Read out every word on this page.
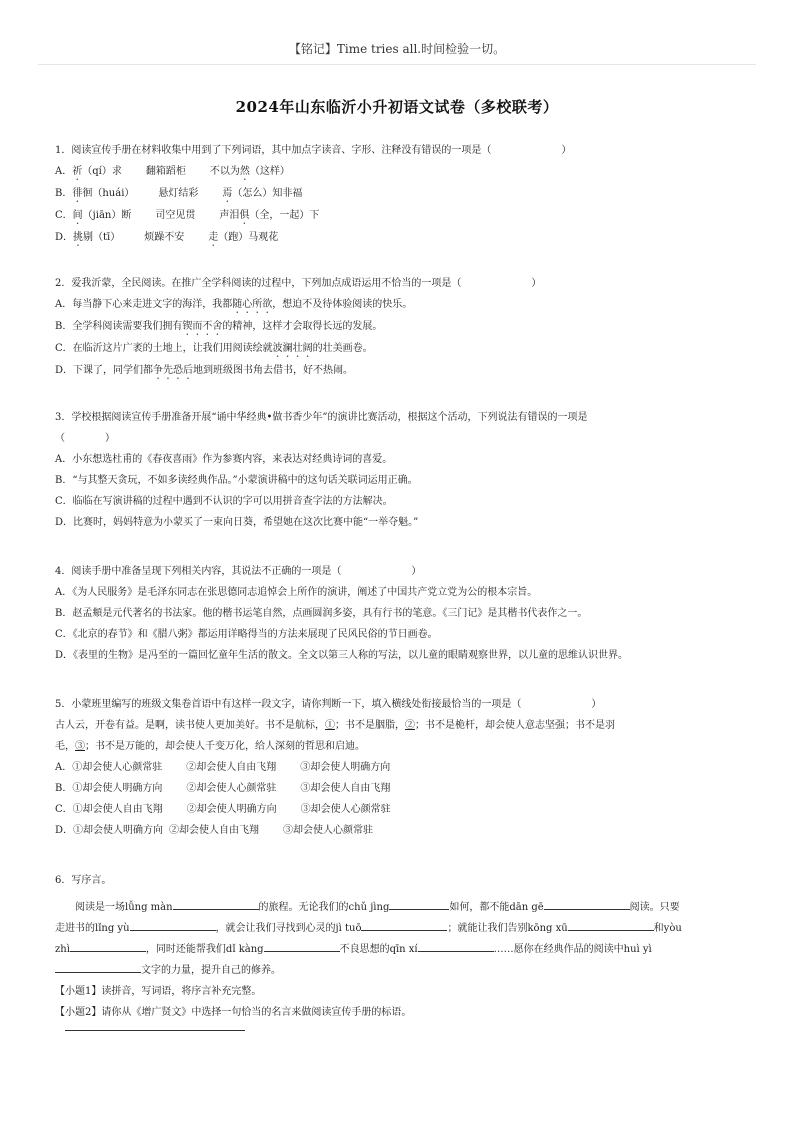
【铭记】Time tries all.时间检验一切。
2024年山东临沂小升初语文试卷（多校联考）
1．阅读宣传手册在材料收集中用到了下列词语，其中加点字读音、字形、注释没有错误的一项是（	）
A．祈（qí）求 翻箱蹈柜 不以为然（这样）
B．徘徊（huái） 悬灯结彩 焉（怎么）知非福
C．间（jiān）断 司空见贯 声泪俱（全，一起）下
D．挑剔（tī） 烦躁不安 走（跑）马观花
2．爱我沂蒙，全民阅读。在推广全学科阅读的过程中，下列加点成语运用不恰当的一项是（	）
A．每当静下心来走进文字的海洋，我都随心所欲，想迫不及待体验阅读的快乐。
B．全学科阅读需要我们拥有锲而不舍的精神，这样才会取得长远的发展。
C．在临沂这片广袤的土地上，让我们用阅读绘就波澜壮阔的壮美画卷。
D．下课了，同学们都争先恐后地到班级图书角去借书，好不热闹。
3．学校根据阅读宣传手册准备开展“诵中华经典•做书香少年”的演讲比赛活动，根据这个活动，下列说法有错误的一项是
（	）
A．小东想选杜甫的《春夜喜雨》作为参赛内容，来表达对经典诗词的喜爱。
B．“与其整天贪玩，不如多读经典作品。”小蒙演讲稿中的这句话关联词运用正确。
C．临临在写演讲稿的过程中遇到不认识的字可以用拼音查字法的方法解决。
D．比赛时，妈妈特意为小蒙买了一束向日葵，希望她在这次比赛中能“一举夺魁。”
4．阅读手册中准备呈现下列相关内容，其说法不正确的一项是（	）
A．《为人民服务》是毛泽东同志在张思德同志追悼会上所作的演讲，阐述了中国共产党立党为公的根本宗旨。
B．赵孟頫是元代著名的书法家。他的楷书运笔自然，点画圆润多姿，具有行书的笔意。《三门记》是其楷书代表作之一。
C．《北京的春节》和《腊八粥》都运用详略得当的方法来展现了民风民俗的节日画卷。
D．《表里的生物》是冯至的一篇回忆童年生活的散文。全文以第三人称的写法，以儿童的眼睛观察世界，以儿童的思维认识世界。
5．小蒙班里编写的班级文集卷首语中有这样一段文字，请你判断一下，填入横线处衔接最恰当的一项是（	）
古人云，开卷有益。是啊，读书使人更加美好。书不是航标，①；书不是胭脂，②；书不是桅杆，却会使人意志坚强；书不是羽
毛，③；书不是万能的，却会使人千变万化，给人深刻的哲思和启迪。
A．①却会使人心颜常驻 ②却会使人自由飞翔 ③却会使人明确方向
B．①却会使人明确方向 ②却会使人心颜常驻 ③却会使人自由飞翔
C．①却会使人自由飞翔 ②却会使人明确方向 ③却会使人心颜常驻
D．①却会使人明确方向 ②却会使人自由飞翔 ③却会使人心颜常驻
6．写序言。
阅读是一场lǚng màn	的旅程。无论我们的chǔ jìng	如何，都不能dān gē	阅读。只要
走进书的lǐng yù	，就会让我们寻找到心灵的jì tuō	；就能让我们告别kōng xū	和yòu
zhì	，同时还能帮我们dǐ kàng	不良思想的qīn xí	……愿你在经典作品的阅读中huì yì
文字的力量，提升自己的修养。
【小题1】读拼音，写词语，将序言补充完整。
【小题2】请你从《增广贤文》中选择一句恰当的名言来做阅读宣传手册的标语。
